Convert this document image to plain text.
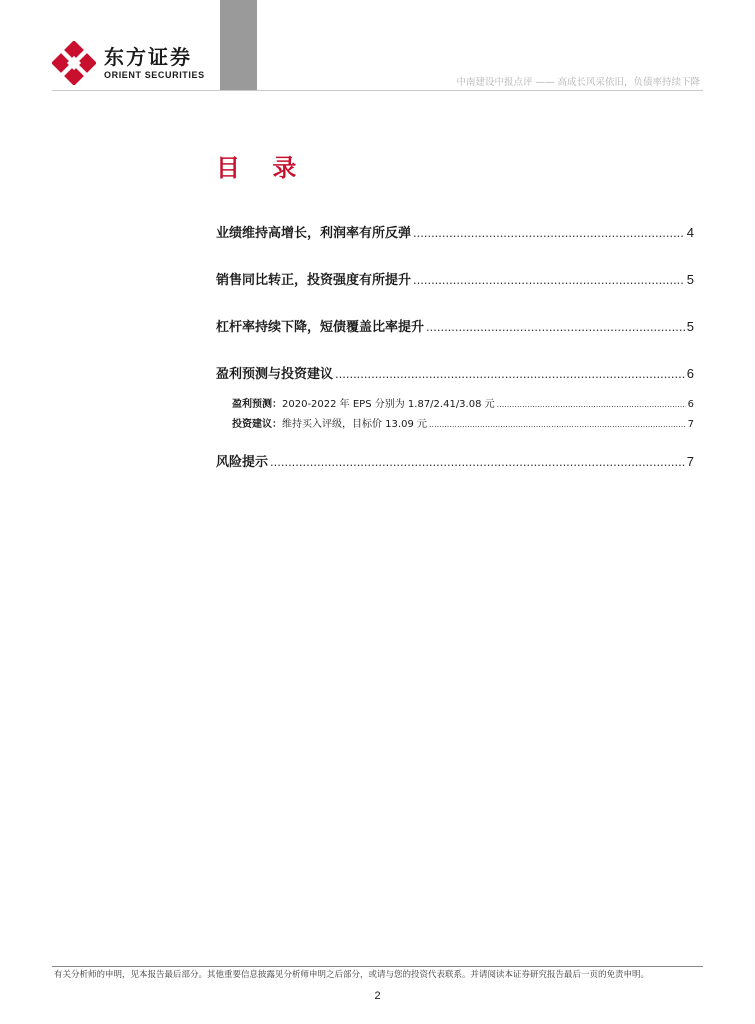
东方证券
ORIENT SECURITIES
中南建设中报点评 —— 高成长风采依旧，负债率持续下降
目 录
业绩维持高增长，利润率有所反弹 .....	4
销售同比转正，投资强度有所提升 .....	5
杠杆率持续下降，短债覆盖比率提升 .....	5
盈利预测与投资建议 .....	6
盈利预测：2020-2022 年 EPS 分别为 1.87/2.41/3.08 元 .....	6
投资建议：维持买入评级，目标价 13.09 元 .....	7
风险提示 .....	7
有关分析师的申明，见本报告最后部分。其他重要信息披露见分析师申明之后部分，或请与您的投资代表联系。并请阅读本证券研究报告最后一页的免责申明。
2
